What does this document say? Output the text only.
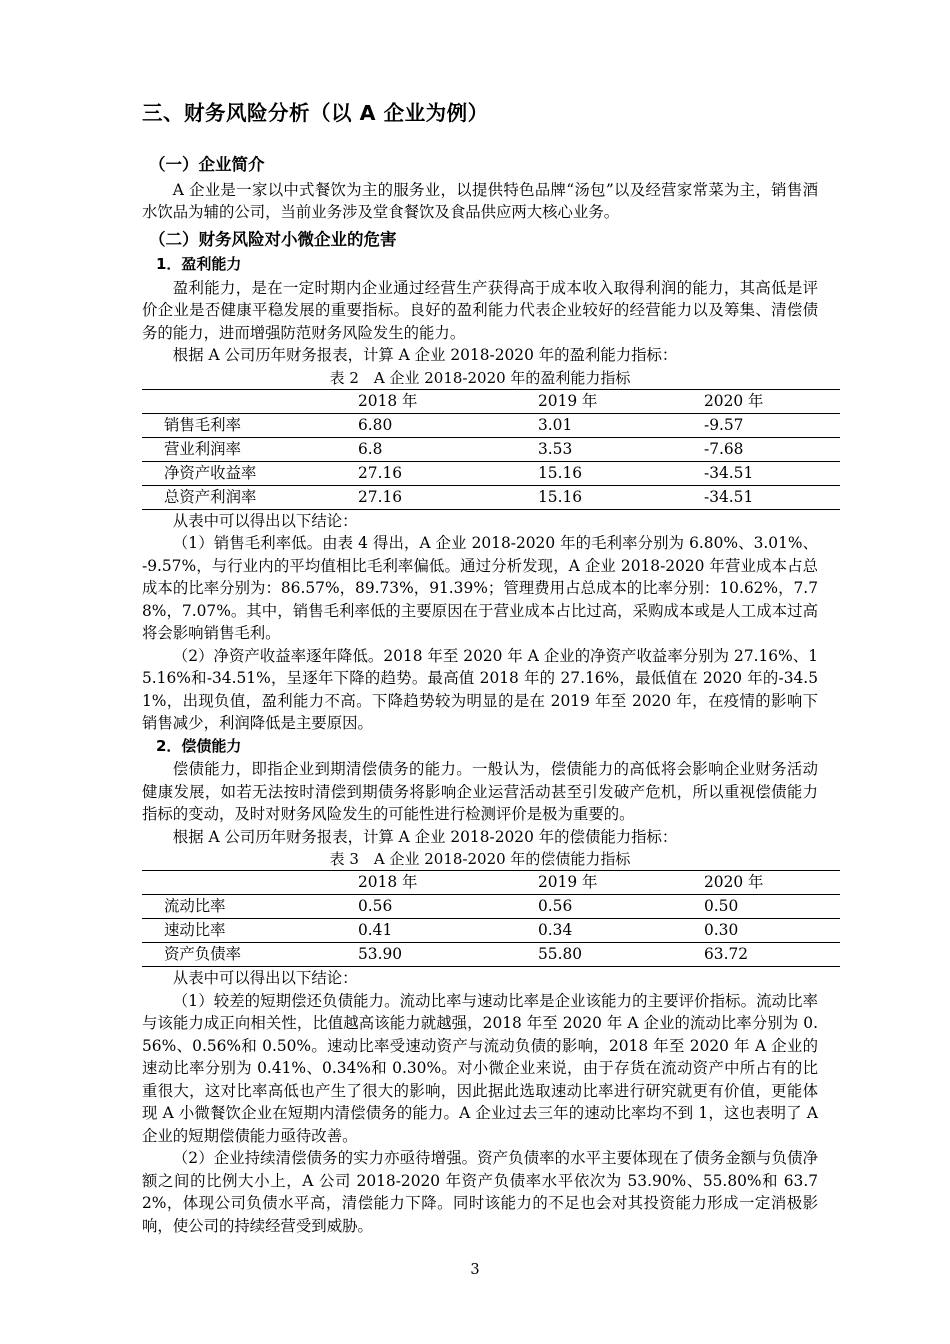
三、财务风险分析（以 A 企业为例）
（一）企业简介

A 企业是一家以中式餐饮为主的服务业，以提供特色品牌“汤包”以及经营家常菜为主，销售酒水饮品为辅的公司，当前业务涉及堂食餐饮及食品供应两大核心业务。

（二）财务风险对小微企业的危害
1．盈利能力

盈利能力，是在一定时期内企业通过经营生产获得高于成本收入取得利润的能力，其高低是评价企业是否健康平稳发展的重要指标。良好的盈利能力代表企业较好的经营能力以及筹集、清偿债务的能力，进而增强防范财务风险发生的能力。

根据 A 公司历年财务报表，计算 A 企业 2018-2020 年的盈利能力指标：

表 2　A 企业 2018-2020 年的盈利能力指标
	2018 年	2019 年	2020 年
销售毛利率	6.80	3.01	-9.57
营业利润率	6.8	3.53	-7.68
净资产收益率	27.16	15.16	-34.51
总资产利润率	27.16	15.16	-34.51

从表中可以得出以下结论：

（1）销售毛利率低。由表 4 得出，A 企业 2018-2020 年的毛利率分别为 6.80%、3.01%、-9.57%，与行业内的平均值相比毛利率偏低。通过分析发现，A 企业 2018-2020 年营业成本占总成本的比率分别为：86.57%，89.73%，91.39%；管理费用占总成本的比率分别：10.62%，7.78%，7.07%。其中，销售毛利率低的主要原因在于营业成本占比过高，采购成本或是人工成本过高将会影响销售毛利。

（2）净资产收益率逐年降低。2018 年至 2020 年 A 企业的净资产收益率分别为 27.16%、15.16%和-34.51%，呈逐年下降的趋势。最高值 2018 年的 27.16%，最低值在 2020 年的-34.51%，出现负值，盈利能力不高。下降趋势较为明显的是在 2019 年至 2020 年，在疫情的影响下销售减少，利润降低是主要原因。

2．偿债能力

偿债能力，即指企业到期清偿债务的能力。一般认为，偿债能力的高低将会影响企业财务活动健康发展，如若无法按时清偿到期债务将影响企业运营活动甚至引发破产危机，所以重视偿债能力指标的变动，及时对财务风险发生的可能性进行检测评价是极为重要的。

根据 A 公司历年财务报表，计算 A 企业 2018-2020 年的偿债能力指标：

表 3　A 企业 2018-2020 年的偿债能力指标
	2018 年	2019 年	2020 年
流动比率	0.56	0.56	0.50
速动比率	0.41	0.34	0.30
资产负债率	53.90	55.80	63.72

从表中可以得出以下结论：

（1）较差的短期偿还负债能力。流动比率与速动比率是企业该能力的主要评价指标。流动比率与该能力成正向相关性，比值越高该能力就越强，2018 年至 2020 年 A 企业的流动比率分别为 0.56%、0.56%和 0.50%。速动比率受速动资产与流动负债的影响，2018 年至 2020 年 A 企业的速动比率分别为 0.41%、0.34%和 0.30%。对小微企业来说，由于存货在流动资产中所占有的比重很大，这对比率高低也产生了很大的影响，因此据此选取速动比率进行研究就更有价值，更能体现 A 小微餐饮企业在短期内清偿债务的能力。A 企业过去三年的速动比率均不到 1，这也表明了 A 企业的短期偿债能力亟待改善。

（2）企业持续清偿债务的实力亦亟待增强。资产负债率的水平主要体现在了债务金额与负债净额之间的比例大小上，A 公司 2018-2020 年资产负债率水平依次为 53.90%、55.80%和 63.72%，体现公司负债水平高，清偿能力下降。同时该能力的不足也会对其投资能力形成一定消极影响，使公司的持续经营受到威胁。

3
